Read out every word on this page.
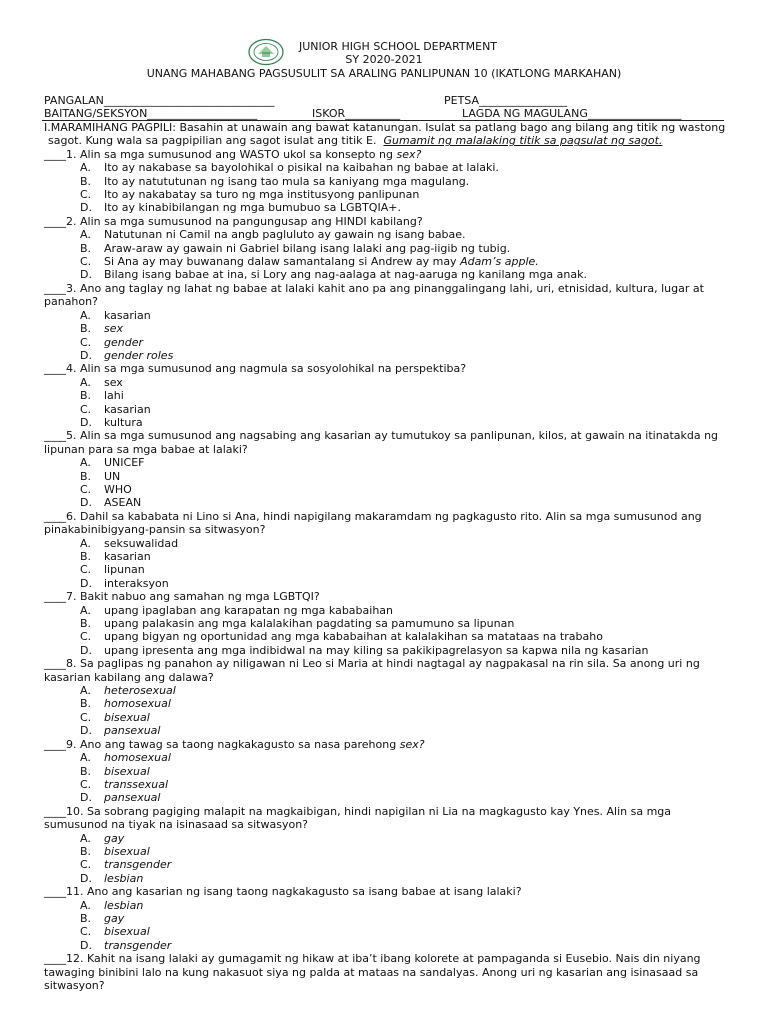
JUNIOR HIGH SCHOOL DEPARTMENT
SY 2020-2021
UNANG MAHABANG PAGSUSULIT SA ARALING PANLIPUNAN 10 (IKATLONG MARKAHAN)
PANGALAN_______________________________	PETSA________________
BAITANG/SEKSYON____________________	ISKOR__________	LAGDA NG MAGULANG_________________
I.MARAMIHANG PAGPILI: Basahin at unawain ang bawat katanungan. Isulat sa patlang bago ang bilang ang titik ng wastong sagot. Kung wala sa pagpipilian ang sagot isulat ang titik E. Gumamit ng malalaking titik sa pagsulat ng sagot.
____1. Alin sa mga sumusunod ang WASTO ukol sa konsepto ng sex?
A.	Ito ay nakabase sa bayolohikal o pisikal na kaibahan ng babae at lalaki.
B.	Ito ay natututunan ng isang tao mula sa kaniyang mga magulang.
C.	Ito ay nakabatay sa turo ng mga institusyong panlipunan
D.	Ito ay kinabibilangan ng mga bumubuo sa LGBTQIA+.
____2. Alin sa mga sumusunod na pangungusap ang HINDI kabilang?
A.	Natutunan ni Camil na angb pagluluto ay gawain ng isang babae.
B.	Araw-araw ay gawain ni Gabriel bilang isang lalaki ang pag-iigib ng tubig.
C.	Si Ana ay may buwanang dalaw samantalang si Andrew ay may Adam’s apple.
D.	Bilang isang babae at ina, si Lory ang nag-aalaga at nag-aaruga ng kanilang mga anak.
____3. Ano ang taglay ng lahat ng babae at lalaki kahit ano pa ang pinanggalingang lahi, uri, etnisidad, kultura, lugar at panahon?
A.	kasarian
B.	sex
C.	gender
D.	gender roles
____4. Alin sa mga sumusunod ang nagmula sa sosyolohikal na perspektiba?
A.	sex
B.	lahi
C.	kasarian
D.	kultura
____5. Alin sa mga sumusunod ang nagsabing ang kasarian ay tumutukoy sa panlipunan, kilos, at gawain na itinatakda ng lipunan para sa mga babae at lalaki?
A.	UNICEF
B.	UN
C.	WHO
D.	ASEAN
____6. Dahil sa kababata ni Lino si Ana, hindi napigilang makaramdam ng pagkagusto rito. Alin sa mga sumusunod ang pinakabinibigyang-pansin sa sitwasyon?
A.	seksuwalidad
B.	kasarian
C.	lipunan
D.	interaksyon
____7. Bakit nabuo ang samahan ng mga LGBTQI?
A.	upang ipaglaban ang karapatan ng mga kababaihan
B.	upang palakasin ang mga kalalakihan pagdating sa pamumuno sa lipunan
C.	upang bigyan ng oportunidad ang mga kababaihan at kalalakihan sa matataas na trabaho
D.	upang ipresenta ang mga indibidwal na may kiling sa pakikipagrelasyon sa kapwa nila ng kasarian
____8. Sa paglipas ng panahon ay niligawan ni Leo si Maria at hindi nagtagal ay nagpakasal na rin sila. Sa anong uri ng kasarian kabilang ang dalawa?
A.	heterosexual
B.	homosexual
C.	bisexual
D.	pansexual
____9. Ano ang tawag sa taong nagkakagusto sa nasa parehong sex?
A.	homosexual
B.	bisexual
C.	transsexual
D.	pansexual
____10. Sa sobrang pagiging malapit na magkaibigan, hindi napigilan ni Lia na magkagusto kay Ynes. Alin sa mga sumusunod na tiyak na isinasaad sa sitwasyon?
A.	gay
B.	bisexual
C.	transgender
D.	lesbian
____11. Ano ang kasarian ng isang taong nagkakagusto sa isang babae at isang lalaki?
A.	lesbian
B.	gay
C.	bisexual
D.	transgender
____12. Kahit na isang lalaki ay gumagamit ng hikaw at iba’t ibang kolorete at pampaganda si Eusebio. Nais din niyang tawaging binibini lalo na kung nakasuot siya ng palda at mataas na sandalyas. Anong uri ng kasarian ang isinasaad sa sitwasyon?
